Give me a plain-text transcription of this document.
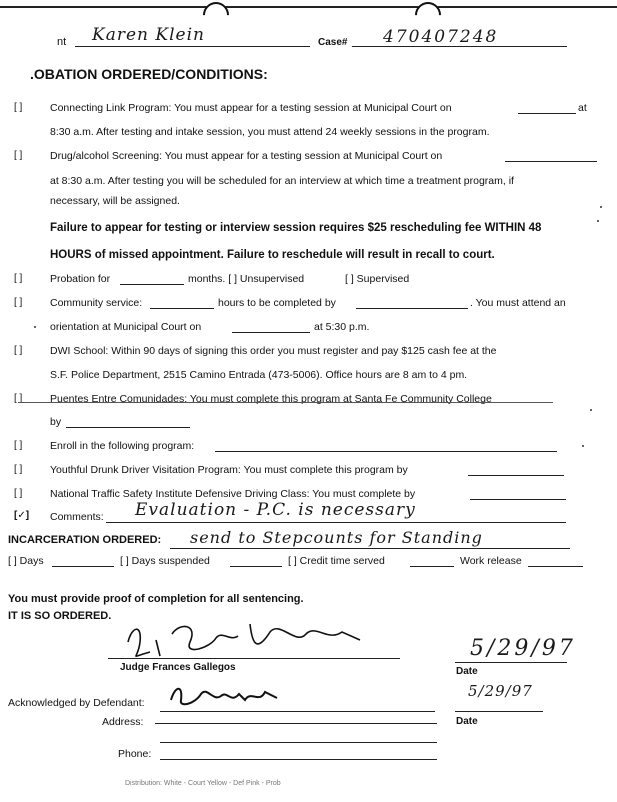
nt Karen Klein	Case# 470407248
.OBATION ORDERED/CONDITIONS:
[ ]	Connecting Link Program: You must appear for a testing session at Municipal Court on	at
8:30 a.m. After testing and intake session, you must attend 24 weekly sessions in the program.
[ ]	Drug/alcohol Screening: You must appear for a testing session at Municipal Court on
at 8:30 a.m. After testing you will be scheduled for an interview at which time a treatment program, if
necessary, will be assigned.
Failure to appear for testing or interview session requires $25 rescheduling fee WITHIN 48
HOURS of missed appointment. Failure to reschedule will result in recall to court.
[ ]	Probation for	months. [ ] Unsupervised	[ ] Supervised
[ ]	Community service:	hours to be completed by	. You must attend an
orientation at Municipal Court on	at 5:30 p.m.
[ ]	DWI School: Within 90 days of signing this order you must register and pay $125 cash fee at the
S.F. Police Department, 2515 Camino Entrada (473-5006). Office hours are 8 am to 4 pm.
[ ]	Puentes Entre Comunidades: You must complete this program at Santa Fe Community College
by
[ ]	Enroll in the following program:
[ ]	Youthful Drunk Driver Visitation Program: You must complete this program by
[ ]	National Traffic Safety Institute Defensive Driving Class: You must complete by
[✓] Comments: Evaluation - P.C. is necessary
INCARCERATION ORDERED: send to Stepcounts for Standing
[ ] Days	[ ] Days suspended	[ ] Credit time served	Work release
You must provide proof of completion for all sentencing.
IT IS SO ORDERED.
Judge Frances Gallegos
5/29/97
Date
Acknowledged by Defendant:
5/29/97
Date
Address:
Phone:
Distribution: White - Court Yellow - Def Pink - Prob
